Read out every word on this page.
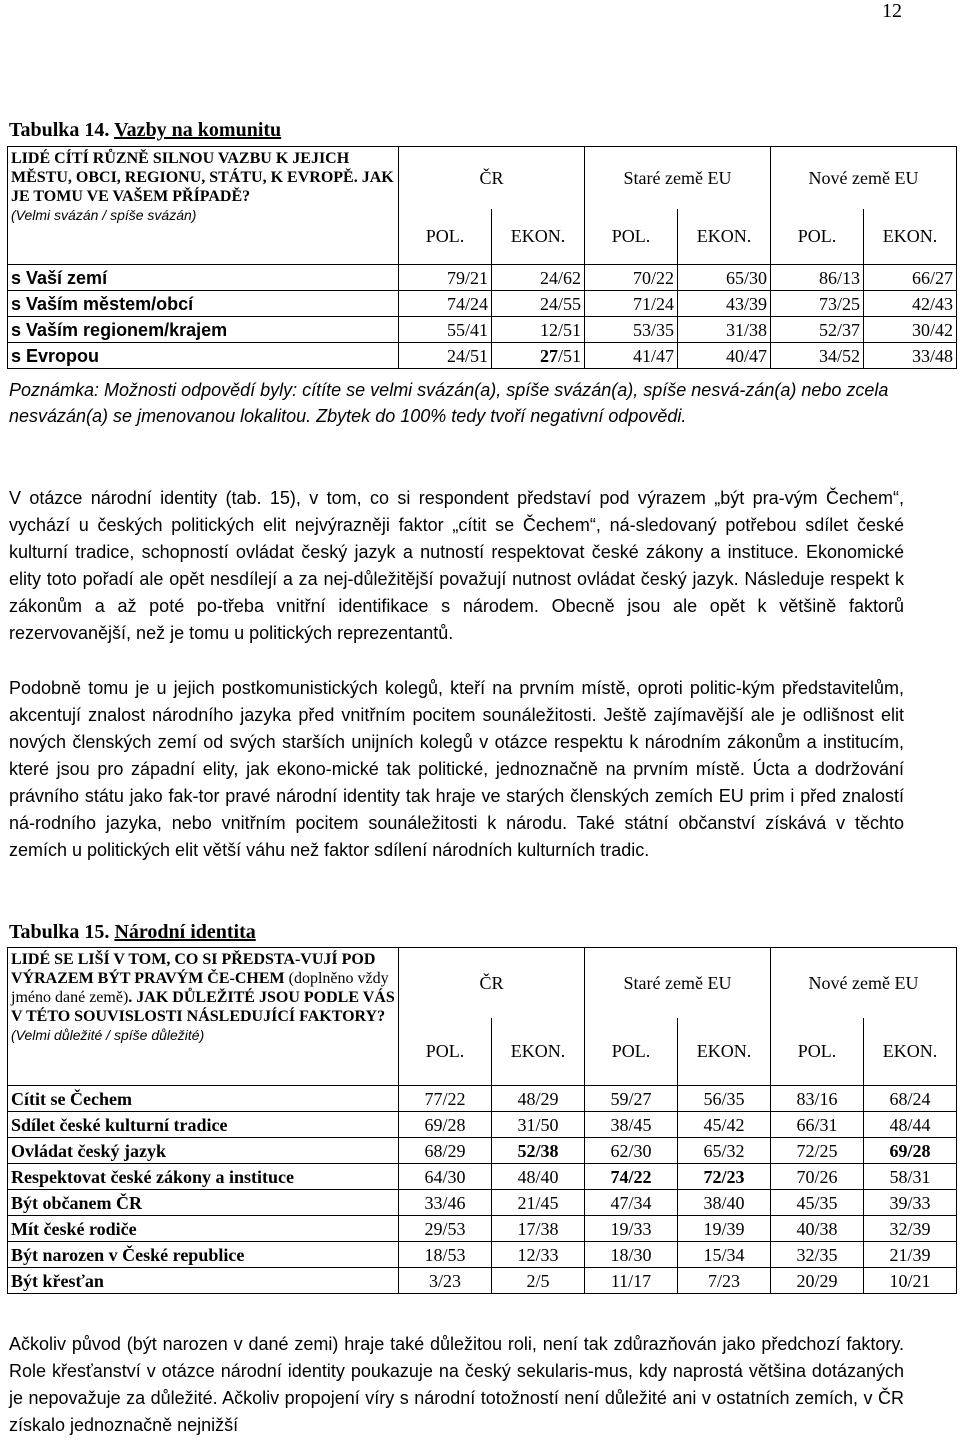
12
Tabulka 14. Vazby na komunitu
LIDÉ CÍTÍ RŮZNĚ SILNOU VAZBU K JEJICH MĚSTU, OBCI, REGIONU, STÁTU, K EVROPĚ. JAK JE TOMU VE VAŠEM PŘÍPADĚ?
(Velmi svázán / spíše svázán)	ČR		Staré země EU		Nové země EU	
	POL.	EKON.	POL.	EKON.	POL.	EKON.
s Vaší zemí	79/21	24/62	70/22	65/30	86/13	66/27
s Vaším městem/obcí	74/24	24/55	71/24	43/39	73/25	42/43
s Vaším regionem/krajem	55/41	12/51	53/35	31/38	52/37	30/42
s Evropou	24/51	27/51	41/47	40/47	34/52	33/48
Poznámka: Možnosti odpovědí byly: cítíte se velmi svázán(a), spíše svázán(a), spíše nesvá-zán(a) nebo zcela nesvázán(a) se jmenovanou lokalitou. Zbytek do 100% tedy tvoří negativní odpovědi.
V otázce národní identity (tab. 15), v tom, co si respondent představí pod výrazem „být pra-vým Čechem“, vychází u českých politických elit nejvýrazněji faktor „cítit se Čechem“, ná-sledovaný potřebou sdílet české kulturní tradice, schopností ovládat český jazyk a nutností respektovat české zákony a instituce. Ekonomické elity toto pořadí ale opět nesdílejí a za nej-důležitější považují nutnost ovládat český jazyk. Následuje respekt k zákonům a až poté po-třeba vnitřní identifikace s národem. Obecně jsou ale opět k většině faktorů rezervovanější, než je tomu u politických reprezentantů.
Podobně tomu je u jejich postkomunistických kolegů, kteří na prvním místě, oproti politic-kým představitelům, akcentují znalost národního jazyka před vnitřním pocitem sounáležitosti. Ještě zajímavější ale je odlišnost elit nových členských zemí od svých starších unijních kolegů v otázce respektu k národním zákonům a institucím, které jsou pro západní elity, jak ekono-mické tak politické, jednoznačně na prvním místě. Úcta a dodržování právního státu jako fak-tor pravé národní identity tak hraje ve starých členských zemích EU prim i před znalostí ná-rodního jazyka, nebo vnitřním pocitem sounáležitosti k národu. Také státní občanství získává v těchto zemích u politických elit větší váhu než faktor sdílení národních kulturních tradic.
Tabulka 15. Národní identita
LIDÉ SE LIŠÍ V TOM, CO SI PŘEDSTA-VUJÍ POD VÝRAZEM BÝT PRAVÝM ČE-CHEM (doplněno vždy jméno dané země). JAK DŮLEŽITÉ JSOU PODLE VÁS V TÉTO SOUVISLOSTI NÁSLEDUJÍCÍ FAKTORY?
(Velmi důležité / spíše důležité)	ČR		Staré země EU		Nové země EU	
	POL.	EKON.	POL.	EKON.	POL.	EKON.
Cítit se Čechem	77/22	48/29	59/27	56/35	83/16	68/24
Sdílet české kulturní tradice	69/28	31/50	38/45	45/42	66/31	48/44
Ovládat český jazyk	68/29	52/38	62/30	65/32	72/25	69/28
Respektovat české zákony a instituce	64/30	48/40	74/22	72/23	70/26	58/31
Být občanem ČR	33/46	21/45	47/34	38/40	45/35	39/33
Mít české rodiče	29/53	17/38	19/33	19/39	40/38	32/39
Být narozen v České republice	18/53	12/33	18/30	15/34	32/35	21/39
Být křesťan	3/23	2/5	11/17	7/23	20/29	10/21
Ačkoliv původ (být narozen v dané zemi) hraje také důležitou roli, není tak zdůrazňován jako předchozí faktory. Role křesťanství v otázce národní identity poukazuje na český sekularis-mus, kdy naprostá většina dotázaných je nepovažuje za důležité. Ačkoliv propojení víry s národní totožností není důležité ani v ostatních zemích, v ČR získalo jednoznačně nejnižší
